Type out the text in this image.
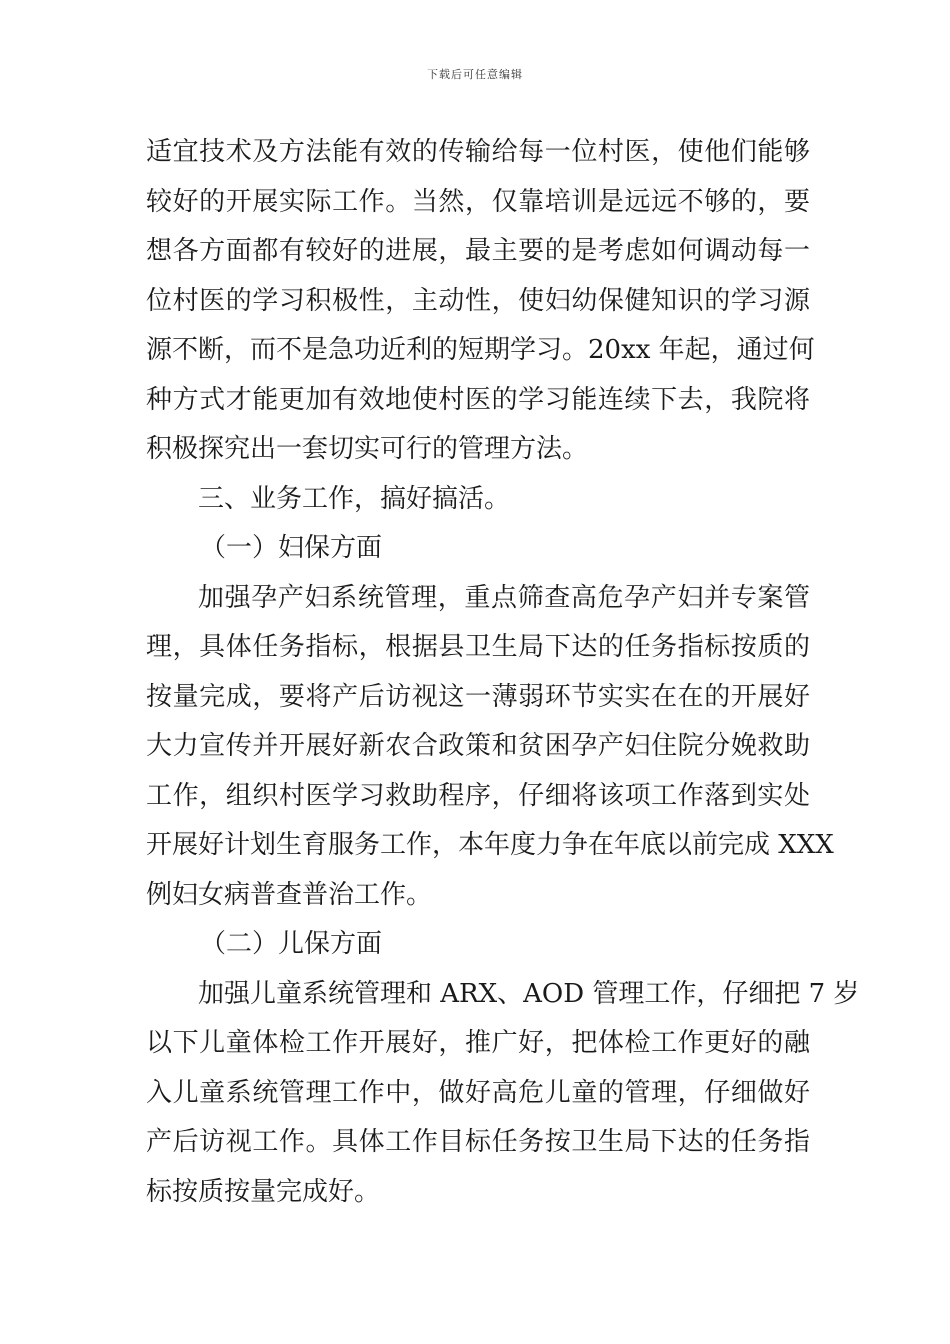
下载后可任意编辑
适宜技术及方法能有效的传输给每一位村医，使他们能够
较好的开展实际工作。当然，仅靠培训是远远不够的，要
想各方面都有较好的进展，最主要的是考虑如何调动每一
位村医的学习积极性，主动性，使妇幼保健知识的学习源
源不断，而不是急功近利的短期学习。20xx 年起，通过何
种方式才能更加有效地使村医的学习能连续下去，我院将
积极探究出一套切实可行的管理方法。
三、业务工作，搞好搞活。
（一）妇保方面
加强孕产妇系统管理，重点筛查高危孕产妇并专案管
理，具体任务指标，根据县卫生局下达的任务指标按质的
按量完成，要将产后访视这一薄弱环节实实在在的开展好
大力宣传并开展好新农合政策和贫困孕产妇住院分娩救助
工作，组织村医学习救助程序，仔细将该项工作落到实处
开展好计划生育服务工作，本年度力争在年底以前完成 XXX
例妇女病普查普治工作。
（二）儿保方面
加强儿童系统管理和 ARX、AOD 管理工作，仔细把 7 岁
以下儿童体检工作开展好，推广好，把体检工作更好的融
入儿童系统管理工作中，做好高危儿童的管理，仔细做好
产后访视工作。具体工作目标任务按卫生局下达的任务指
标按质按量完成好。
